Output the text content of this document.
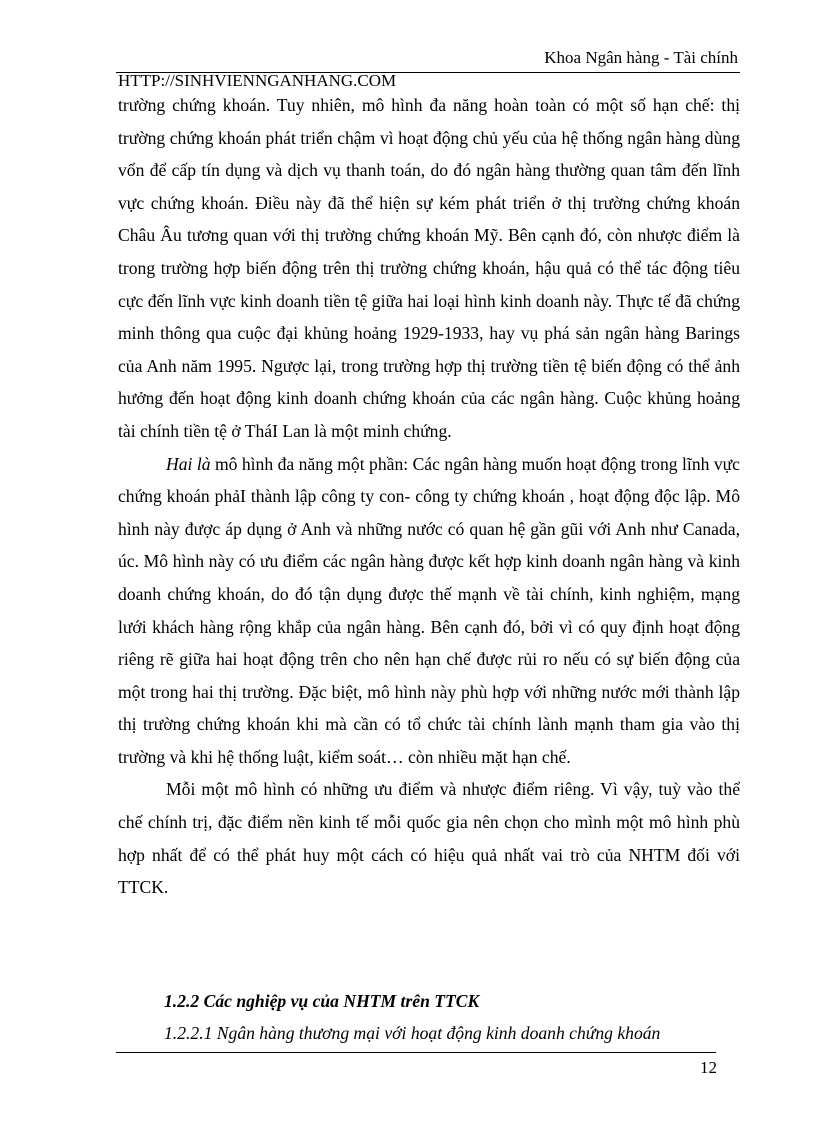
Khoa Ngân hàng - Tài chính
HTTP://SINHVIENNGANHANG.COM

trường chứng khoán. Tuy nhiên, mô hình đa năng hoàn toàn có một số hạn chế: thị trường chứng khoán phát triển chậm vì hoạt động chủ yếu của hệ thống ngân hàng dùng vốn để cấp tín dụng và dịch vụ thanh toán, do đó ngân hàng thường quan tâm đến lĩnh vực chứng khoán. Điều này đã thể hiện sự kém phát triển ở thị trường chứng khoán Châu Âu tương quan với thị trường chứng khoán Mỹ. Bên cạnh đó, còn nhược điểm là trong trường hợp biến động trên thị trường chứng khoán, hậu quả có thể tác động tiêu cực đến lĩnh vực kinh doanh tiền tệ giữa hai loại hình kinh doanh này. Thực tế đã chứng minh thông qua cuộc đại khủng hoảng 1929-1933, hay vụ phá sản ngân hàng Barings của Anh năm 1995. Ngược lại, trong trường hợp thị trường tiền tệ biến động có thể ảnh hưởng đến hoạt động kinh doanh chứng khoán của các ngân hàng. Cuộc khủng hoảng tài chính tiền tệ ở TháI Lan là một minh chứng.

Hai là mô hình đa năng một phần: Các ngân hàng muốn hoạt động trong lĩnh vực chứng khoán phảI thành lập công ty con- công ty chứng khoán , hoạt động độc lập. Mô hình này được áp dụng ở Anh và những nước có quan hệ gần gũi với Anh như Canada, úc. Mô hình này có ưu điểm các ngân hàng được kết hợp kinh doanh ngân hàng và kinh doanh chứng khoán, do đó tận dụng được thế mạnh về tài chính, kinh nghiệm, mạng lưới khách hàng rộng khắp của ngân hàng. Bên cạnh đó, bởi vì có quy định hoạt động riêng rẽ giữa hai hoạt động trên cho nên hạn chế được rủi ro nếu có sự biến động của một trong hai thị trường. Đặc biệt, mô hình này phù hợp với những nước mới thành lập thị trường chứng khoán khi mà cần có tổ chức tài chính lành mạnh tham gia vào thị trường và khi hệ thống luật, kiểm soát… còn nhiều mặt hạn chế.

Mỗi một mô hình có những ưu điểm và nhược điểm riêng. Vì vậy, tuỳ vào thể chế chính trị, đặc điểm nền kinh tế mỗi quốc gia nên chọn cho mình một mô hình phù hợp nhất để có thể phát huy một cách có hiệu quả nhất vai trò của NHTM đối với TTCK.

1.2.2 Các nghiệp vụ của NHTM trên TTCK
1.2.2.1 Ngân hàng thương mại với hoạt động kinh doanh chứng khoán
12
